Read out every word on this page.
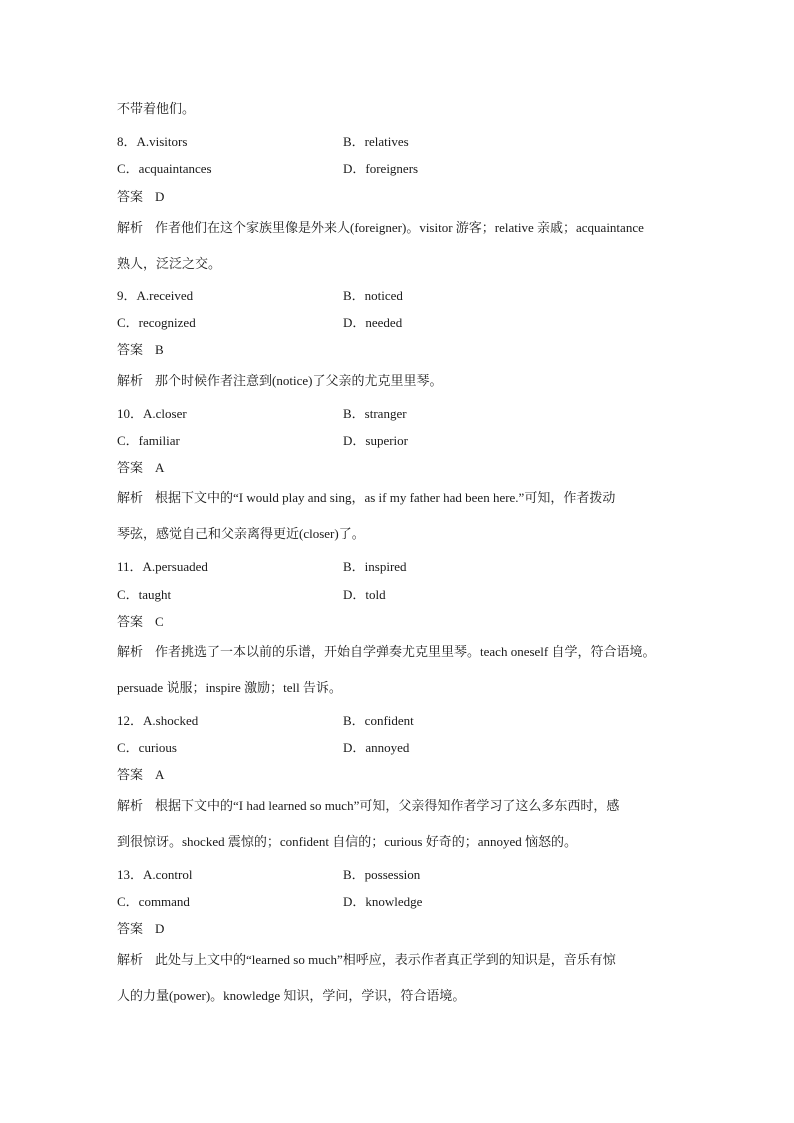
不带着他们。
8．A.visitors	B．relatives
C．acquaintances	D．foreigners
答案 D
解析 作者他们在这个家族里像是外来人(foreigner)。visitor 游客；relative 亲戚；acquaintance
熟人，泛泛之交。
9．A.received	B．noticed
C．recognized	D．needed
答案 B
解析 那个时候作者注意到(notice)了父亲的尤克里里琴。
10．A.closer	B．stranger
C．familiar	D．superior
答案 A
解析 根据下文中的“I would play and sing，as if my father had been here.”可知，作者拨动
琴弦，感觉自己和父亲离得更近(closer)了。
11．A.persuaded	B．inspired
C．taught	D．told
答案 C
解析 作者挑选了一本以前的乐谱，开始自学弹奏尤克里里琴。teach oneself 自学，符合语境。
persuade 说服；inspire 激励；tell 告诉。
12．A.shocked	B．confident
C．curious	D．annoyed
答案 A
解析 根据下文中的“I had learned so much”可知，父亲得知作者学习了这么多东西时，感
到很惊讶。shocked 震惊的；confident 自信的；curious 好奇的；annoyed 恼怒的。
13．A.control	B．possession
C．command	D．knowledge
答案 D
解析 此处与上文中的“learned so much”相呼应，表示作者真正学到的知识是，音乐有惊
人的力量(power)。knowledge 知识，学问，学识，符合语境。
